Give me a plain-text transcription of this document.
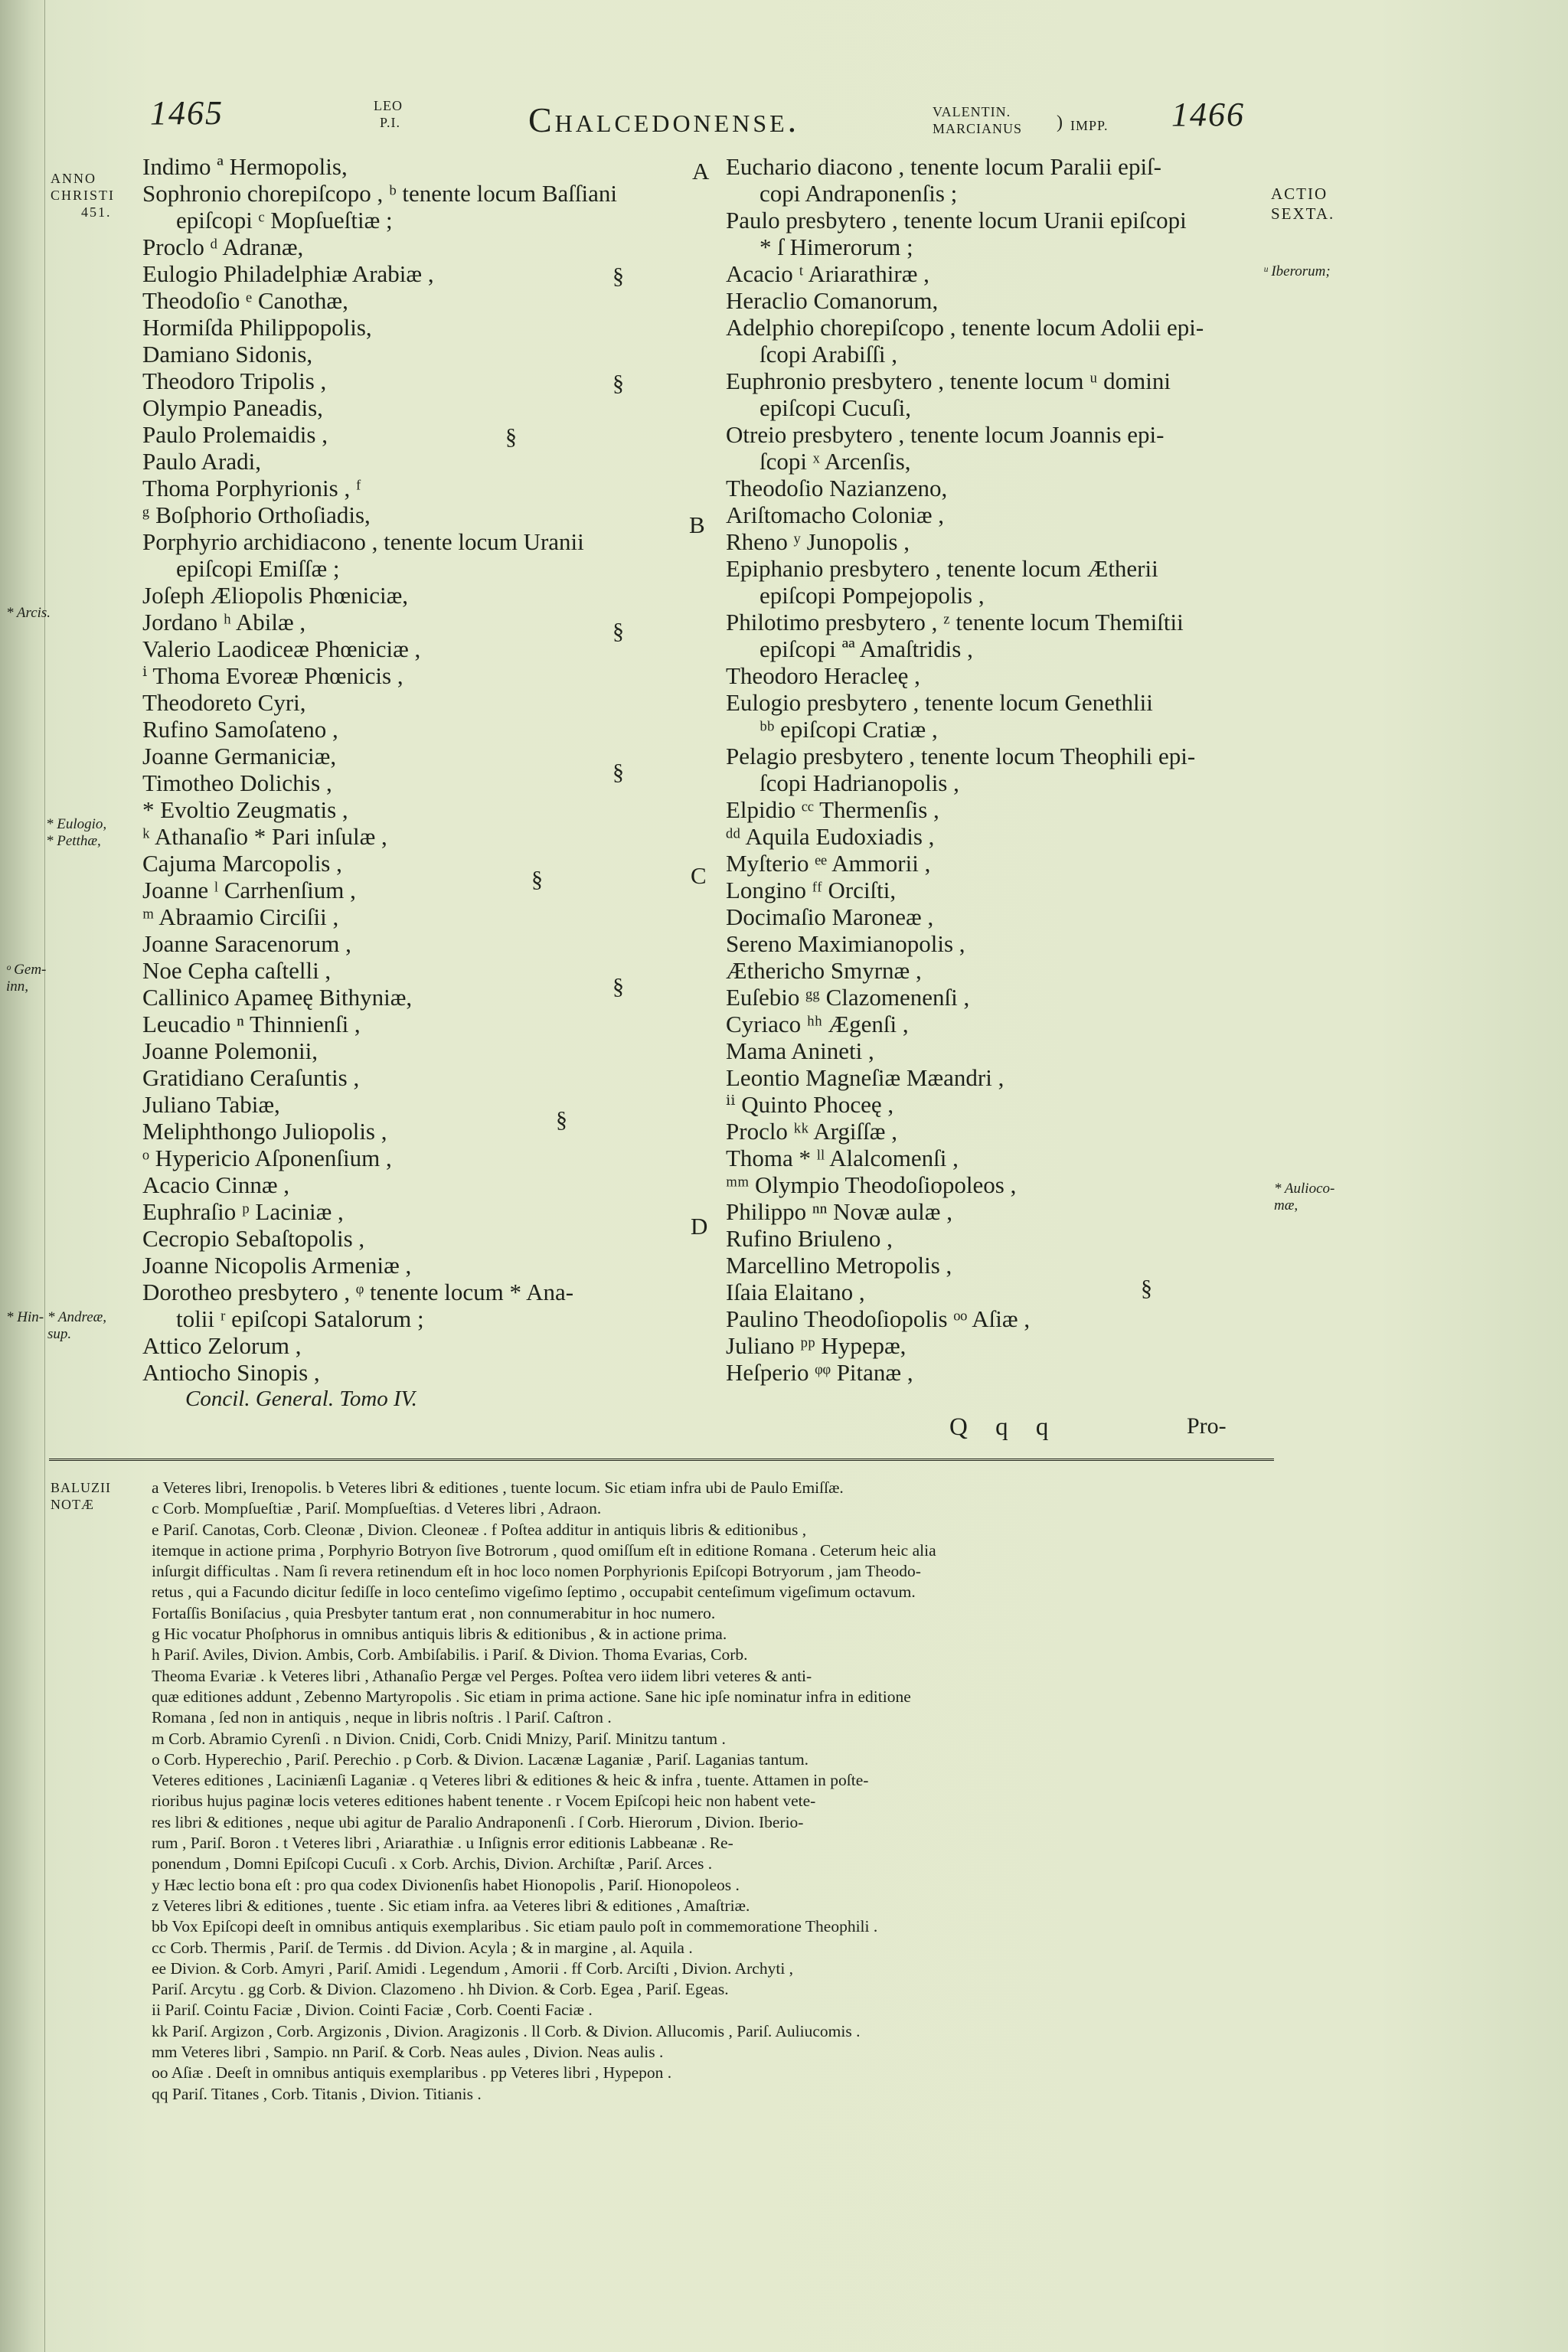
1465	LEO
P.I.	Chalcedonense.	VALENTIN.
MARCIANUS ) IMPP. 1466
ANNO
CHRISTI
451.
* Arcis.
* Eulogio,
* Petthæ,
ᵒ Gem-
inn,
* Hin- * Andreæ,
sup.
ACTIO
SEXTA.
ᵘ Iberorum;
* Aulioco-
mæ,
A
B
C
D
§
§
§
§
§
§
§
§
§
Indimo ª Hermopolis,
Sophronio chorepiſcopo , ᵇ tenente locum Baſſiani
epiſcopi ᶜ Mopſueſtiæ ;
Proclo ᵈ Adranæ,
Eulogio Philadelphiæ Arabiæ ,
Theodoſio ᵉ Canothæ,
Hormiſda Philippopolis,
Damiano Sidonis,
Theodoro Tripolis ,
Olympio Paneadis,
Paulo Prolemaidis ,
Paulo Aradi,
Thoma Porphyrionis , ᶠ
ᵍ Boſphorio Orthoſiadis,
Porphyrio archidiacono , tenente locum Uranii
epiſcopi Emiſſæ ;
Joſeph Æliopolis Phœniciæ,
Jordano ʰ Abilæ ,
Valerio Laodiceæ Phœniciæ ,
ⁱ Thoma Evoreæ Phœnicis ,
Theodoreto Cyri,
Rufino Samoſateno ,
Joanne Germaniciæ,
Timotheo Dolichis ,
* Evoltio Zeugmatis ,
ᵏ Athanaſio * Pari inſulæ ,
Cajuma Marcopolis ,
Joanne ˡ Carrhenſium ,
ᵐ Abraamio Circiſii ,
Joanne Saracenorum ,
Noe Cepha caſtelli ,
Callinico Apameę Bithyniæ,
Leucadio ⁿ Thinnienſi ,
Joanne Polemonii,
Gratidiano Ceraſuntis ,
Juliano Tabiæ,
Meliphthongo Juliopolis ,
ᵒ Hypericio Aſponenſium ,
Acacio Cinnæ ,
Euphraſio ᵖ Laciniæ ,
Cecropio Sebaſtopolis ,
Joanne Nicopolis Armeniæ ,
Dorotheo presbytero , ᵠ tenente locum * Ana-
tolii ʳ epiſcopi Satalorum ;
Attico Zelorum ,
Antiocho Sinopis ,
Concil. General. Tomo IV.
Euchario diacono , tenente locum Paralii epiſ-
copi Andraponenſis ;
Paulo presbytero , tenente locum Uranii epiſcopi
* ſ Himerorum ;
Acacio ᵗ Ariarathiræ ,
Heraclio Comanorum,
Adelphio chorepiſcopo , tenente locum Adolii epi-
ſcopi Arabiſſi ,
Euphronio presbytero , tenente locum ᵘ domini
epiſcopi Cucuſi,
Otreio presbytero , tenente locum Joannis epi-
ſcopi ˣ Arcenſis,
Theodoſio Nazianzeno,
Ariſtomacho Coloniæ ,
Rheno ʸ Junopolis ,
Epiphanio presbytero , tenente locum Ætherii
epiſcopi Pompejopolis ,
Philotimo presbytero , ᶻ tenente locum Themiſtii
epiſcopi ªª Amaſtridis ,
Theodoro Heracleę ,
Eulogio presbytero , tenente locum Genethlii
ᵇᵇ epiſcopi Cratiæ ,
Pelagio presbytero , tenente locum Theophili epi-
ſcopi Hadrianopolis ,
Elpidio ᶜᶜ Thermenſis ,
ᵈᵈ Aquila Eudoxiadis ,
Myſterio ᵉᵉ Ammorii ,
Longino ᶠᶠ Orciſti,
Docimaſio Maroneæ ,
Sereno Maximianopolis ,
Æthericho Smyrnæ ,
Euſebio ᵍᵍ Clazomenenſi ,
Cyriaco ʰʰ Ægenſi ,
Mama Anineti ,
Leontio Magneſiæ Mæandri ,
ⁱⁱ Quinto Phoceę ,
Proclo ᵏᵏ Argiſſæ ,
Thoma * ˡˡ Alalcomenſi ,
ᵐᵐ Olympio Theodoſiopoleos ,
Philippo ⁿⁿ Novæ aulæ ,
Rufino Briuleno ,
Marcellino Metropolis ,
Iſaia Elaitano ,
Paulino Theodoſiopolis ᵒᵒ Aſiæ ,
Juliano ᵖᵖ Hypepæ,
Heſperio ᵠᵠ Pitanæ ,
Q q q	Pro-
BALUZII
NOTÆ
a Veteres libri, Irenopolis. b Veteres libri & editiones , tuente locum. Sic etiam infra ubi de Paulo Emiſſæ.
c Corb. Mompſueſtiæ , Pariſ. Mompſueſtias. d Veteres libri , Adraon.
e Pariſ. Canotas, Corb. Cleonæ , Divion. Cleoneæ . f Poſtea additur in antiquis libris & editionibus ,
itemque in actione prima , Porphyrio Botryon ſive Botrorum , quod omiſſum eſt in editione Romana . Ceterum heic alia
inſurgit difficultas . Nam ſi revera retinendum eſt in hoc loco nomen Porphyrionis Epiſcopi Botryorum , jam Theodo-
retus , qui a Facundo dicitur ſediſſe in loco centeſimo vigeſimo ſeptimo , occupabit centeſimum vigeſimum octavum.
Fortaſſis Boniſacius , quia Presbyter tantum erat , non connumerabitur in hoc numero.
g Hic vocatur Phoſphorus in omnibus antiquis libris & editionibus , & in actione prima.
h Pariſ. Aviles, Divion. Ambis, Corb. Ambiſabilis. i Pariſ. & Divion. Thoma Evarias, Corb.
Theoma Evariæ . k Veteres libri , Athanaſio Pergæ vel Perges. Poſtea vero iidem libri veteres & anti-
quæ editiones addunt , Zebenno Martyropolis . Sic etiam in prima actione. Sane hic ipſe nominatur infra in editione
Romana , ſed non in antiquis , neque in libris noſtris . l Pariſ. Caſtron .
m Corb. Abramio Cyrenſi . n Divion. Cnidi, Corb. Cnidi Mnizy, Pariſ. Minitzu tantum .
o Corb. Hyperechio , Pariſ. Perechio . p Corb. & Divion. Lacænæ Laganiæ , Pariſ. Laganias tantum.
Veteres editiones , Laciniænſi Laganiæ . q Veteres libri & editiones & heic & infra , tuente. Attamen in poſte-
rioribus hujus paginæ locis veteres editiones habent tenente . r Vocem Epiſcopi heic non habent vete-
res libri & editiones , neque ubi agitur de Paralio Andraponenſi . ſ Corb. Hierorum , Divion. Iberio-
rum , Pariſ. Boron . t Veteres libri , Ariarathiæ . u Inſignis error editionis Labbeanæ . Re-
ponendum , Domni Epiſcopi Cucuſi . x Corb. Archis, Divion. Archiſtæ , Pariſ. Arces .
y Hæc lectio bona eſt : pro qua codex Divionenſis habet Hionopolis , Pariſ. Hionopoleos .
z Veteres libri & editiones , tuente . Sic etiam infra. aa Veteres libri & editiones , Amaſtriæ.
bb Vox Epiſcopi deeſt in omnibus antiquis exemplaribus . Sic etiam paulo poſt in commemoratione Theophili .
cc Corb. Thermis , Pariſ. de Termis . dd Divion. Acyla ; & in margine , al. Aquila .
ee Divion. & Corb. Amyri , Pariſ. Amidi . Legendum , Amorii . ff Corb. Arciſti , Divion. Archyti ,
Pariſ. Arcytu . gg Corb. & Divion. Clazomeno . hh Divion. & Corb. Egea , Pariſ. Egeas.
ii Pariſ. Cointu Faciæ , Divion. Cointi Faciæ , Corb. Coenti Faciæ .
kk Pariſ. Argizon , Corb. Argizonis , Divion. Aragizonis . ll Corb. & Divion. Allucomis , Pariſ. Auliucomis .
mm Veteres libri , Sampio. nn Pariſ. & Corb. Neas aules , Divion. Neas aulis .
oo Aſiæ . Deeſt in omnibus antiquis exemplaribus . pp Veteres libri , Hypepon .
qq Pariſ. Titanes , Corb. Titanis , Divion. Titianis .
